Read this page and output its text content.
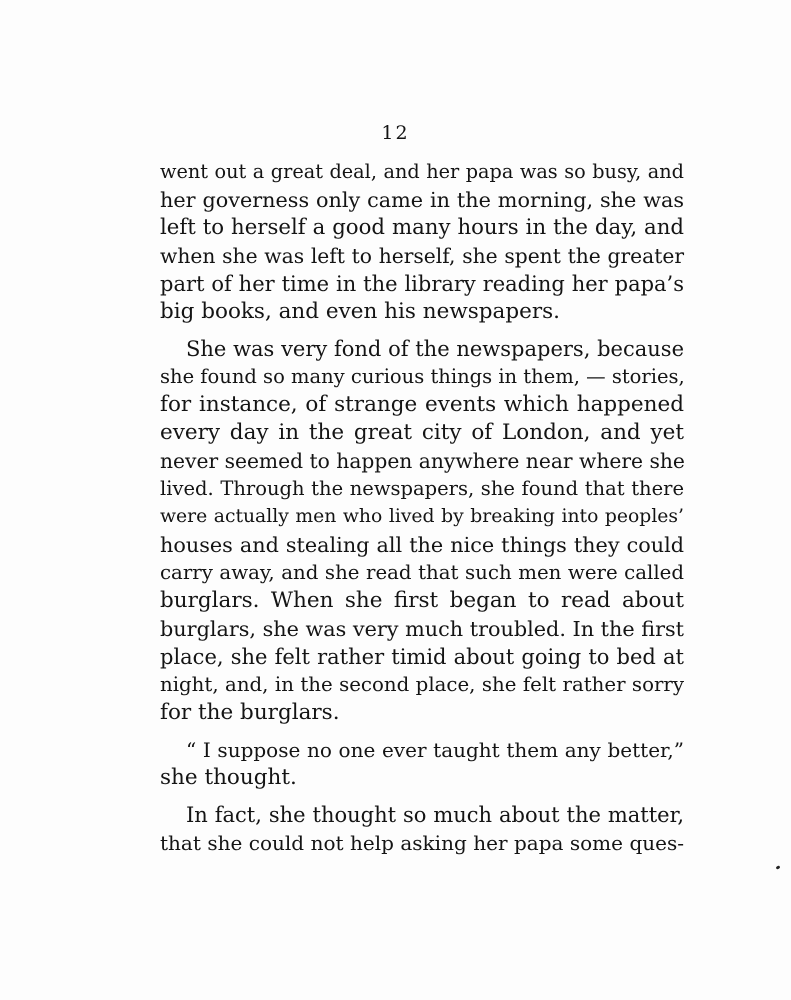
12
went out a great deal, and her papa was so busy, and
her governess only came in the morning, she was
left to herself a good many hours in the day, and
when she was left to herself, she spent the greater
part of her time in the library reading her papa’s
big books, and even his newspapers.
She was very fond of the newspapers, because
she found so many curious things in them, — stories,
for instance, of strange events which happened
every day in the great city of London, and yet
never seemed to happen anywhere near where she
lived. Through the newspapers, she found that there
were actually men who lived by breaking into peoples’
houses and stealing all the nice things they could
carry away, and she read that such men were called
burglars. When she first began to read about
burglars, she was very much troubled. In the first
place, she felt rather timid about going to bed at
night, and, in the second place, she felt rather sorry
for the burglars.
“ I suppose no one ever taught them any better,”
she thought.
In fact, she thought so much about the matter,
that she could not help asking her papa some ques-
